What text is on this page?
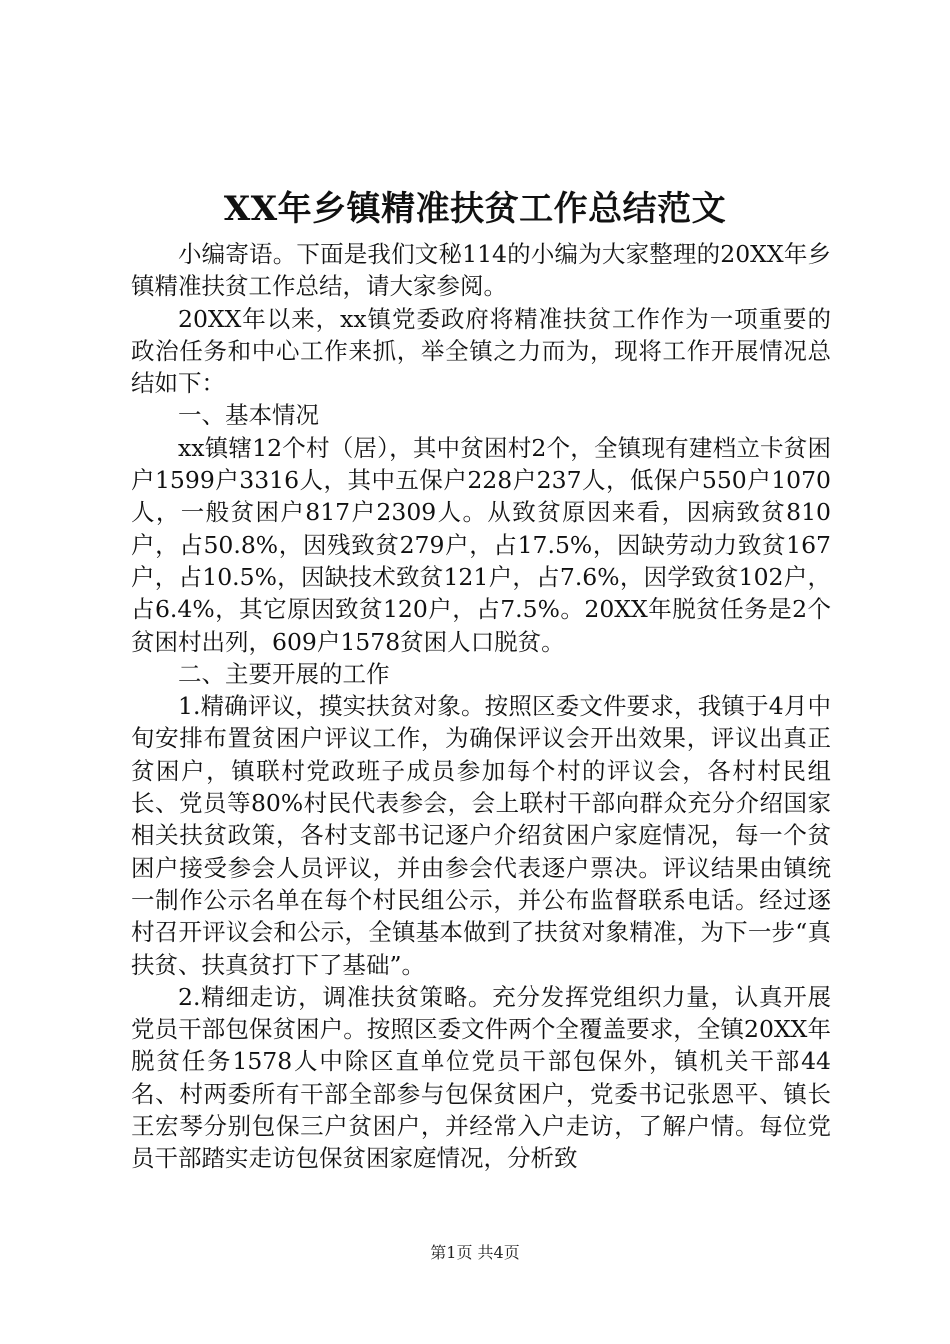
XX年乡镇精准扶贫工作总结范文

小编寄语。下面是我们文秘114的小编为大家整理的20XX年乡镇精准扶贫工作总结，请大家参阅。

20XX年以来，xx镇党委政府将精准扶贫工作作为一项重要的政治任务和中心工作来抓，举全镇之力而为，现将工作开展情况总结如下：

一、基本情况

xx镇辖12个村（居），其中贫困村2个，全镇现有建档立卡贫困户1599户3316人，其中五保户228户237人，低保户550户1070人，一般贫困户817户2309人。从致贫原因来看，因病致贫810户，占50.8%，因残致贫279户，占17.5%，因缺劳动力致贫167户，占10.5%，因缺技术致贫121户，占7.6%，因学致贫102户，占6.4%，其它原因致贫120户，占7.5%。20XX年脱贫任务是2个贫困村出列，609户1578贫困人口脱贫。

二、主要开展的工作

1.精确评议，摸实扶贫对象。按照区委文件要求，我镇于4月中旬安排布置贫困户评议工作，为确保评议会开出效果，评议出真正贫困户，镇联村党政班子成员参加每个村的评议会，各村村民组长、党员等80%村民代表参会，会上联村干部向群众充分介绍国家相关扶贫政策，各村支部书记逐户介绍贫困户家庭情况，每一个贫困户接受参会人员评议，并由参会代表逐户票决。评议结果由镇统一制作公示名单在每个村民组公示，并公布监督联系电话。经过逐村召开评议会和公示，全镇基本做到了扶贫对象精准，为下一步“真扶贫、扶真贫打下了基础”。

2.精细走访，调准扶贫策略。充分发挥党组织力量，认真开展党员干部包保贫困户。按照区委文件两个全覆盖要求，全镇20XX年脱贫任务1578人中除区直单位党员干部包保外，镇机关干部44名、村两委所有干部全部参与包保贫困户，党委书记张恩平、镇长王宏琴分别包保三户贫困户，并经常入户走访，了解户情。每位党员干部踏实走访包保贫困家庭情况，分析致

第1页 共4页
